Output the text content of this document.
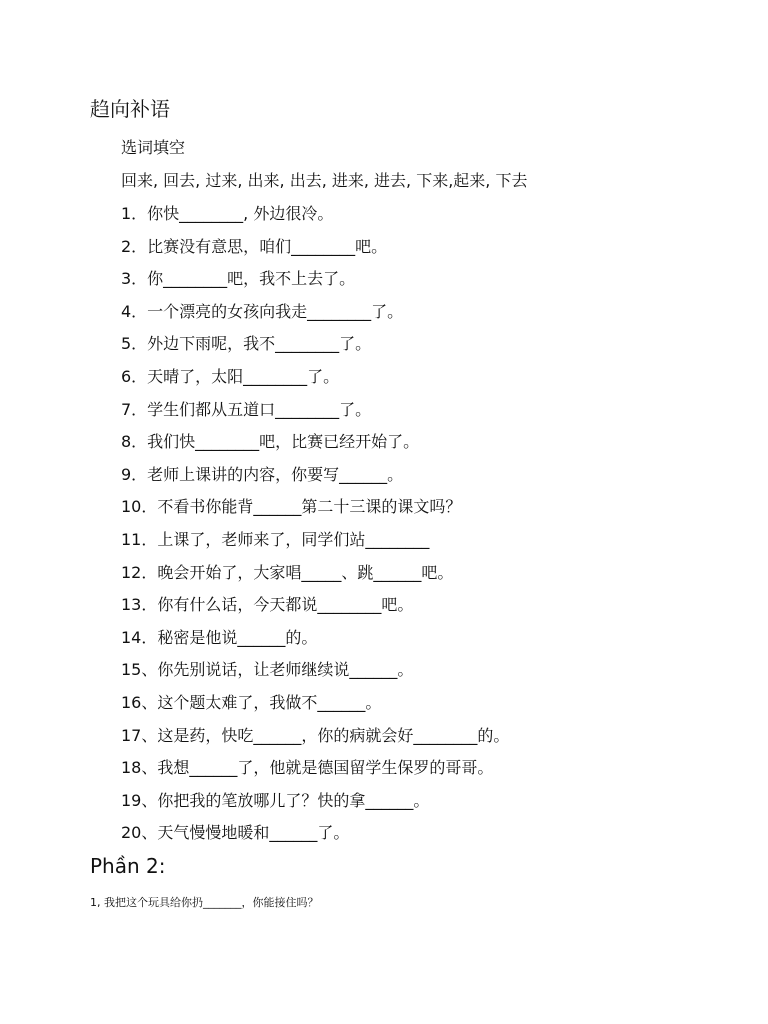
趋向补语
选词填空
回来, 回去, 过来, 出来, 出去, 进来, 进去, 下来,起来, 下去
1．你快________, 外边很冷。
2．比赛没有意思，咱们________吧。
3．你________吧，我不上去了。
4．一个漂亮的女孩向我走________了。
5．外边下雨呢，我不________了。
6．天晴了，太阳________了。
7．学生们都从五道口________了。
8．我们快________吧，比赛已经开始了。
9．老师上课讲的内容，你要写______。
10．不看书你能背______第二十三课的课文吗？
11．上课了，老师来了，同学们站________
12．晚会开始了，大家唱_____、跳______吧。
13．你有什么话，今天都说________吧。
14．秘密是他说______的。
15、你先别说话，让老师继续说______。
16、这个题太难了，我做不______。
17、这是药，快吃______，你的病就会好________的。
18、我想______了，他就是德国留学生保罗的哥哥。
19、你把我的笔放哪儿了？快的拿______。
20、天气慢慢地暖和______了。
Phần 2:
1, 我把这个玩具给你扔_______，你能接住吗？
